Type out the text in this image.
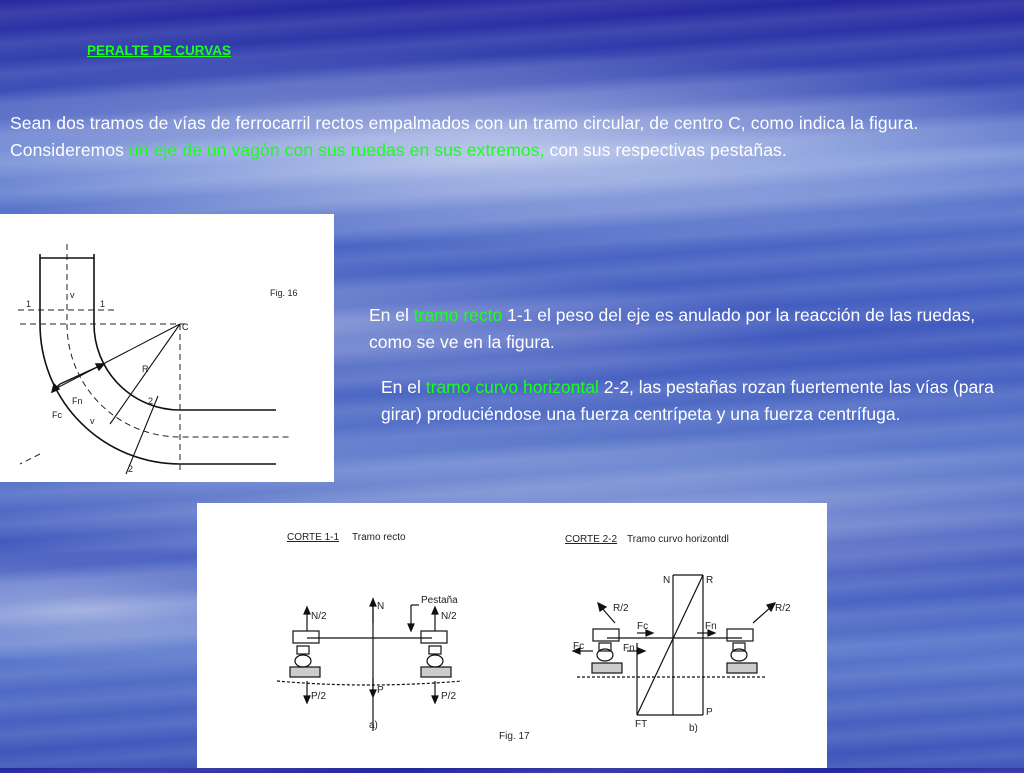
PERALTE DE CURVAS
Sean dos tramos de vías de ferrocarril rectos empalmados con un tramo circular, de centro C, como indica la figura.
Consideremos un eje de un vagón con sus ruedas en sus extremos, con sus respectivas pestañas.
Fig. 16
C
R
v
v
1	1
2
2
Fn
Fc
En el tramo recto 1-1 el peso del eje es anulado por la reacción de las ruedas, como se ve en la figura.
En el tramo curvo horizontal 2-2, las pestañas rozan fuertemente las vías (para girar) produciéndose una fuerza centrípeta y una fuerza centrífuga.
CORTE 1-1 Tramo recto	CORTE 2-2 Tramo curvo horizontdl
N/2	N/2
N
Pestaña
P/2	P/2
P
a)
N	R
R/2	R/2
Fc	Fn
Fc	Fn
FT
P
b)
Fig. 17
